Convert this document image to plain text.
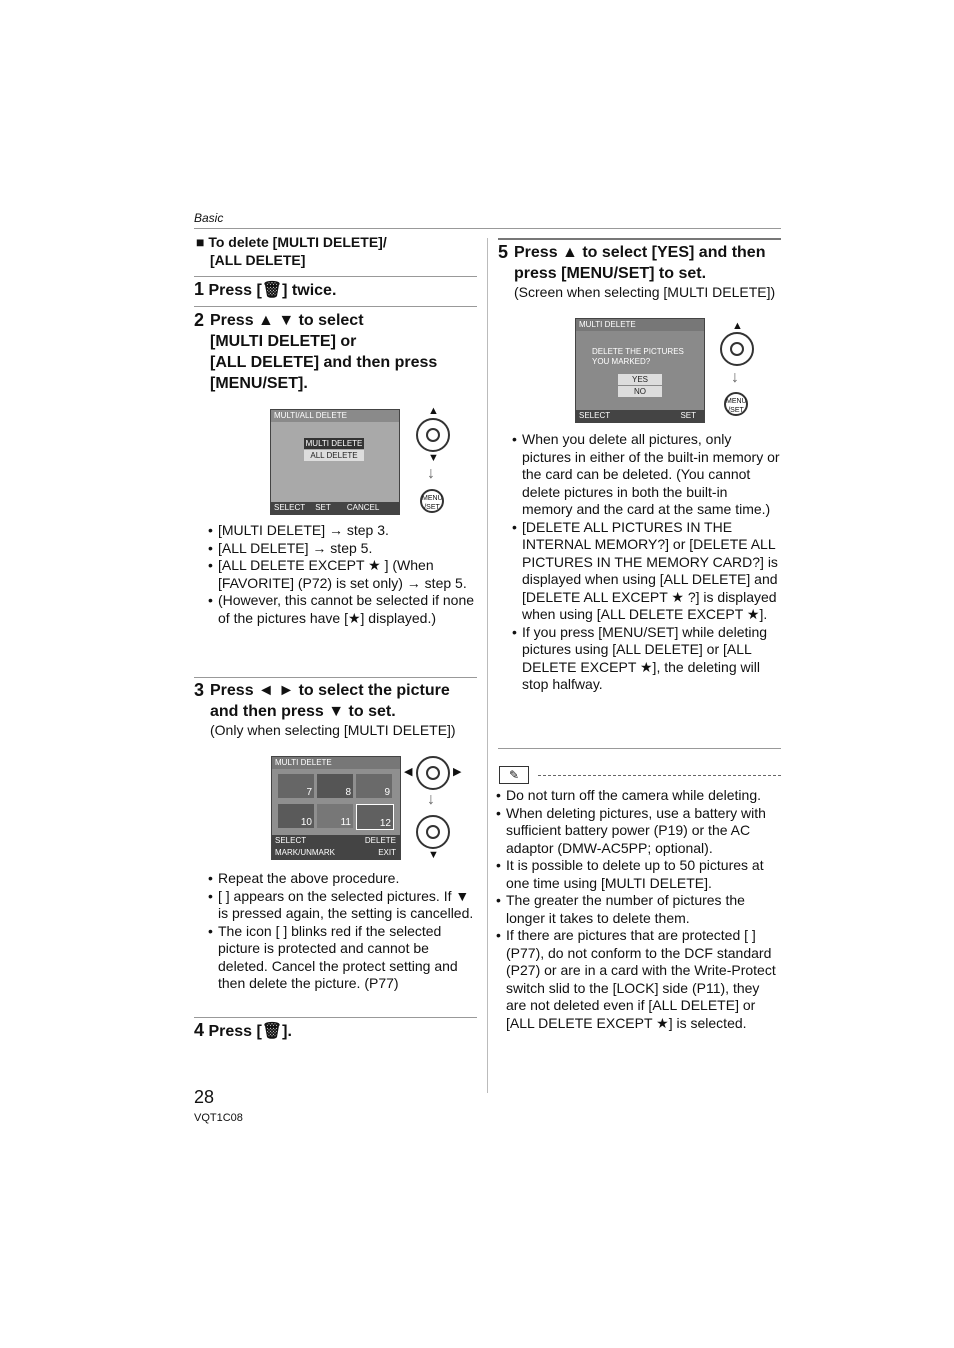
Basic
■ To delete [MULTI DELETE]/
[ALL DELETE]
1 Press [🗑] twice.
2 Press ▲ ▼ to select
[MULTI DELETE] or
[ALL DELETE] and then press
[MENU/SET].
MULTI/ALL DELETE
MULTI DELETE
ALL DELETE
SELECT SET CANCEL
▲
▼
↓
MENU
/SET
• [MULTI DELETE] → step 3.
• [ALL DELETE] → step 5.
• [ALL DELETE EXCEPT ★ ] (When [FAVORITE] (P72) is set only) → step 5.
• (However, this cannot be selected if none of the pictures have [★] displayed.)
3 Press ◄ ► to select the picture
and then press ▼ to set.
(Only when selecting [MULTI DELETE])
MULTI DELETE
7	8	9
10	11	12
SELECT	DELETE
MARK/UNMARK	EXIT
◀	▶
↓
▼
• Repeat the above procedure.
• [ ] appears on the selected pictures. If ▼ is pressed again, the setting is cancelled.
• The icon [ ] blinks red if the selected picture is protected and cannot be deleted. Cancel the protect setting and then delete the picture. (P77)
4 Press [🗑].
5 Press ▲ to select [YES] and then
press [MENU/SET] to set.
(Screen when selecting [MULTI DELETE])
MULTI DELETE
DELETE THE PICTURES
YOU MARKED?
YES
NO
SELECT	SET
▲
↓
MENU
/SET
• When you delete all pictures, only pictures in either of the built-in memory or the card can be deleted. (You cannot delete pictures in both the built-in memory and the card at the same time.)
• [DELETE ALL PICTURES IN THE INTERNAL MEMORY?] or [DELETE ALL PICTURES IN THE MEMORY CARD?] is displayed when using [ALL DELETE] and [DELETE ALL EXCEPT ★ ?] is displayed when using [ALL DELETE EXCEPT ★].
• If you press [MENU/SET] while deleting pictures using [ALL DELETE] or [ALL DELETE EXCEPT ★], the deleting will stop halfway.
✎
• Do not turn off the camera while deleting.
• When deleting pictures, use a battery with sufficient battery power (P19) or the AC adaptor (DMW-AC5PP; optional).
• It is possible to delete up to 50 pictures at one time using [MULTI DELETE].
• The greater the number of pictures the longer it takes to delete them.
• If there are pictures that are protected [ ] (P77), do not conform to the DCF standard (P27) or are in a card with the Write-Protect switch slid to the [LOCK] side (P11), they are not deleted even if [ALL DELETE] or [ALL DELETE EXCEPT ★] is selected.
28
VQT1C08
